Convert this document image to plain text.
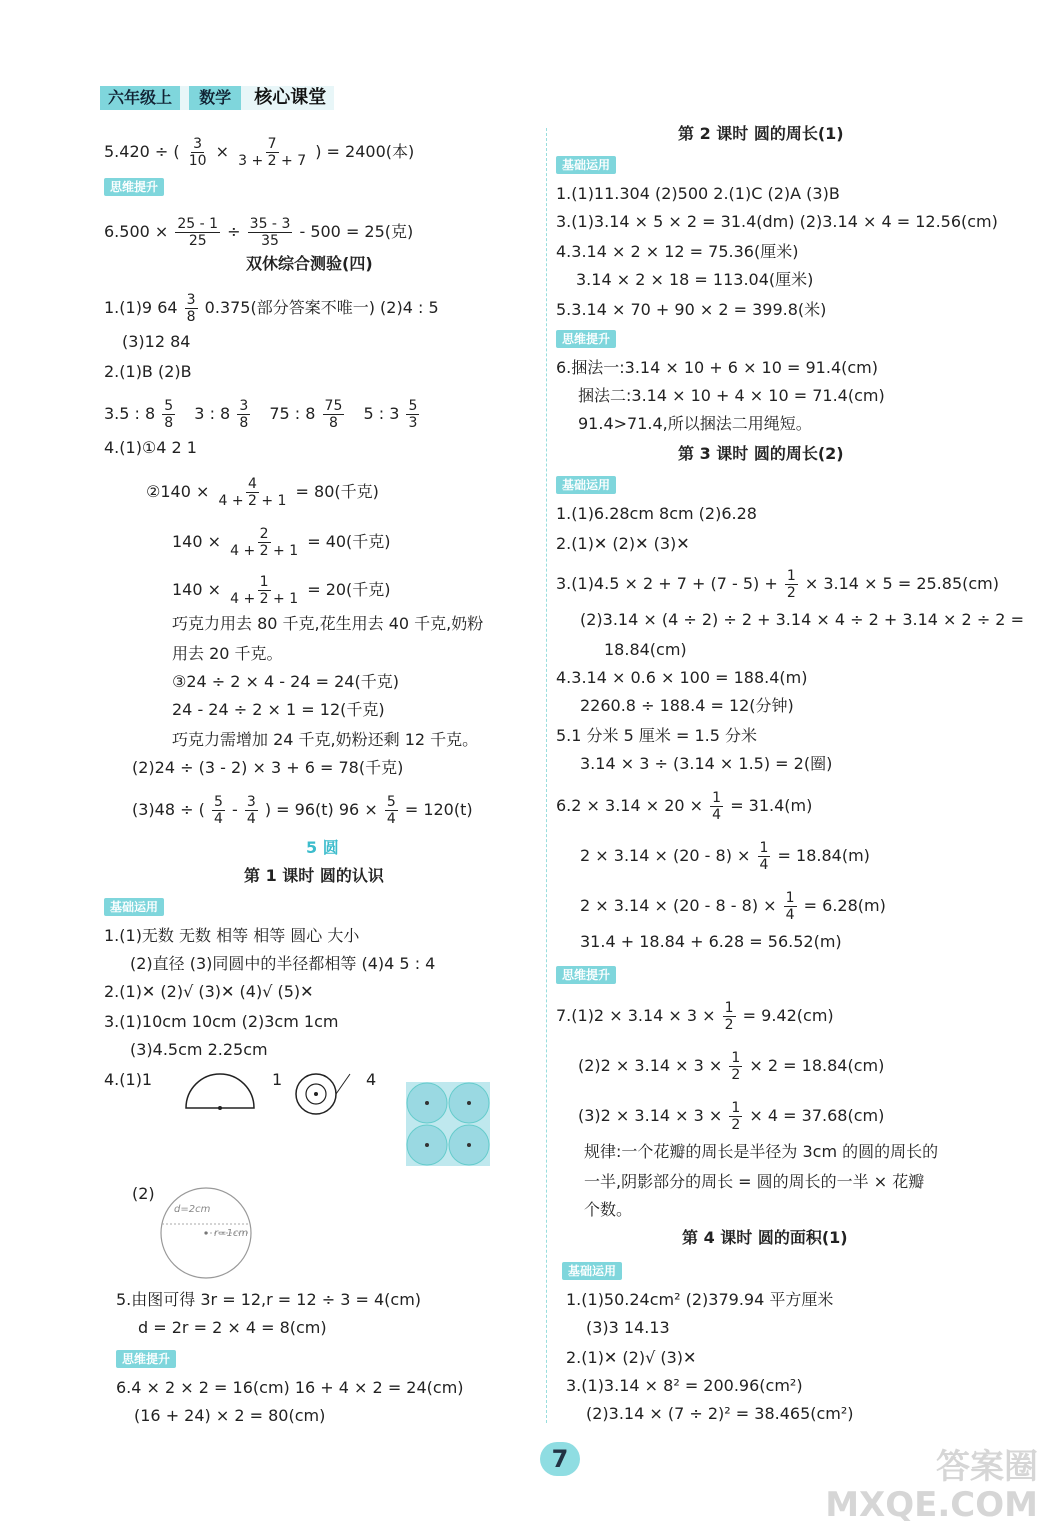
六年级上 数学 核心课堂
5.420 ÷ ( $\frac{3}{10} \times \frac{7}{3 + 2 + 7}$ ) = 2400(本)
思维提升
$6.500 \times \frac{25 - 1}{25} \div \frac{35 - 3}{35} - 500 = 25$(克)
双休综合测验(四)
1.(1)9 $64 \frac{3}{8} 0.375$(部分答案不唯一) (2)4 : 5
(3)12 84
2.(1)B (2)B
3.5 : $8 \frac{5}{8} 3$ : $8 \frac{3}{8} 75$ : $8 \frac{75}{8} 5$ : $3 \frac{5}{3}$
4.(1)①4 2 1
②140 × $\frac{4}{4 + 2 + 1} = 80$(千克)
$140 \times \frac{2}{4 + 2 + 1} = 40$(千克)
$140 \times \frac{1}{4 + 2 + 1} = 20$(千克)
巧克力用去 80 千克,花生用去 40 千克,奶粉
用去 20 千克。
③24 ÷ 2 × 4 - 24 = 24(千克)
24 - 24 ÷ 2 × 1 = 12(千克)
巧克力需增加 24 千克,奶粉还剩 12 千克。
(2)24 ÷ (3 - 2) × 3 + 6 = 78(千克)
(3)48 ÷ ( $\frac{5}{4} - \frac{3}{4}$ ) = 96(t) $96 \times \frac{5}{4} = 120(t)$
5 圆
第 1 课时 圆的认识
基础运用
1.(1)无数 无数 相等 相等 圆心 大小
(2)直径 (3)同圆中的半径都相等 (4)4 5 : 4
2.(1)✕ (2)√ (3)✕ (4)√ (5)✕
3.(1)10cm 10cm (2)3cm 1cm
(3)4.5cm 2.25cm
4.(1)1	1	4
(2)
d=2cm
r=1cm
5.由图可得 3r = 12,r = 12 ÷ 3 = 4(cm)
d = 2r = 2 × 4 = 8(cm)
思维提升
6.4 × 2 × 2 = 16(cm) 16 + 4 × 2 = 24(cm)
(16 + 24) × 2 = 80(cm)
第 2 课时 圆的周长(1)
基础运用
1.(1)11.304 (2)500 2.(1)C (2)A (3)B
3.(1)3.14 × 5 × 2 = 31.4(dm) (2)3.14 × 4 = 12.56(cm)
4.3.14 × 2 × 12 = 75.36(厘米)
3.14 × 2 × 18 = 113.04(厘米)
5.3.14 × 70 + 90 × 2 = 399.8(米)
思维提升
6.捆法一:3.14 × 10 + 6 × 10 = 91.4(cm)
捆法二:3.14 × 10 + 4 × 10 = 71.4(cm)
91.4>71.4,所以捆法二用绳短。
第 3 课时 圆的周长(2)
基础运用
1.(1)6.28cm 8cm (2)6.28
2.(1)✕ (2)✕ (3)✕
$3.(1)4.5 \times 2 + 7 + (7 - 5) + \frac{1}{2} \times 3.14 \times 5 = 25.85(cm)$
(2)3.14 × (4 ÷ 2) ÷ 2 + 3.14 × 4 ÷ 2 + 3.14 × 2 ÷ 2 =
18.84(cm)
4.3.14 × 0.6 × 100 = 188.4(m)
2260.8 ÷ 188.4 = 12(分钟)
5.1 分米 5 厘米 = 1.5 分米
3.14 × 3 ÷ (3.14 × 1.5) = 2(圈)
$6.2 \times 3.14 \times 20 \times \frac{1}{4} = 31.4(m)$
$2 \times 3.14 \times (20 - 8) \times \frac{1}{4} = 18.84(m)$
$2 \times 3.14 \times (20 - 8 - 8) \times \frac{1}{4} = 6.28(m)$
31.4 + 18.84 + 6.28 = 56.52(m)
思维提升
$7.(1)2 \times 3.14 \times 3 \times \frac{1}{2} = 9.42(cm)$
$(2)2 \times 3.14 \times 3 \times \frac{1}{2} \times 2 = 18.84(cm)$
$(3)2 \times 3.14 \times 3 \times \frac{1}{2} \times 4 = 37.68(cm)$
规律:一个花瓣的周长是半径为 3cm 的圆的周长的
一半,阴影部分的周长 = 圆的周长的一半 × 花瓣
个数。
第 4 课时 圆的面积(1)
基础运用
1.(1)50.24cm² (2)379.94 平方厘米
(3)3 14.13
2.(1)✕ (2)√ (3)✕
3.(1)3.14 × 8² = 200.96(cm²)
(2)3.14 × (7 ÷ 2)² = 38.465(cm²)
7	答案圈
MXQE.COM
